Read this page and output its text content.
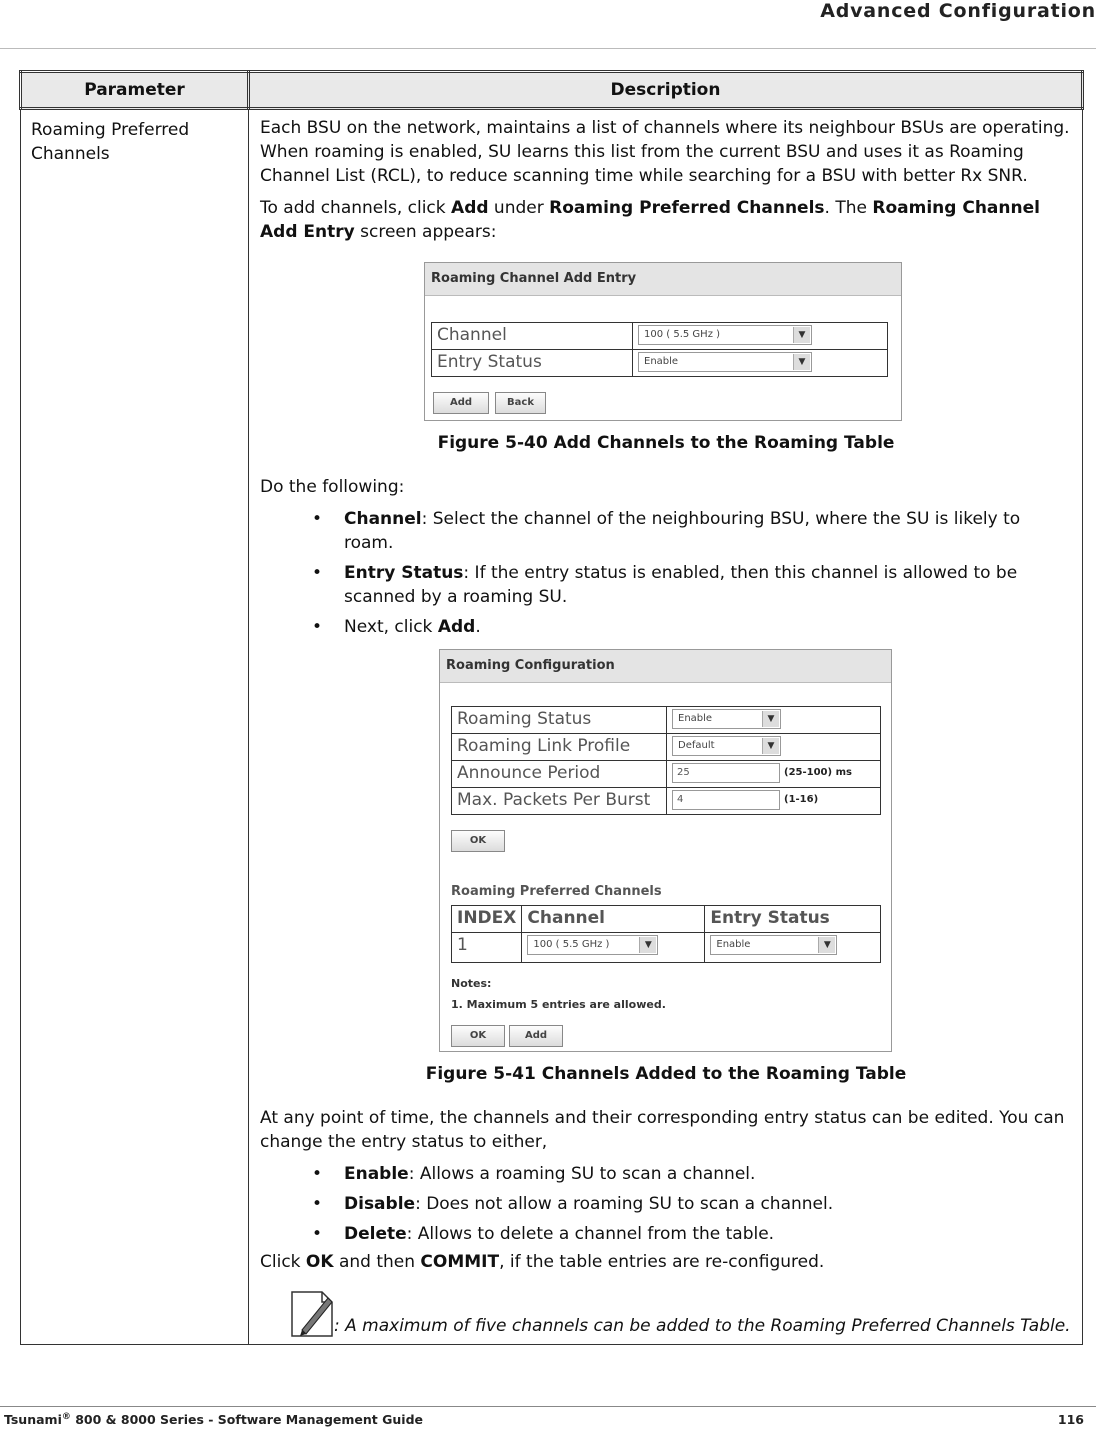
Advanced Configuration
Parameter	Description
Roaming Preferred Channels	

Each BSU on the network, maintains a list of channels where its neighbour BSUs are operating. When roaming is enabled, SU learns this list from the current BSU and uses it as Roaming Channel List (RCL), to reduce scanning time while searching for a BSU with better Rx SNR.

To add channels, click Add under Roaming Preferred Channels. The Roaming Channel Add Entry screen appears:

Roaming Channel Add Entry
Channel	100 ( 5.5 GHz )	▼

Entry Status	Enable	▼
Add	Back
Figure 5-40 Add Channels to the Roaming Table

Do the following:

• Channel: Select the channel of the neighbouring BSU, where the SU is likely to roam.
• Entry Status: If the entry status is enabled, then this channel is allowed to be scanned by a roaming SU.
• Next, click Add.
Roaming Configuration
Roaming Status	Enable	▼

Roaming Link Profile	Default	▼

Announce Period	25	(25-100) ms
Max. Packets Per Burst	4	(1-16)
OK
Roaming Preferred Channels
INDEX	Channel	Entry Status
1	100 ( 5.5 GHz )	▼	Enable	▼
Notes:
1. Maximum 5 entries are allowed.
OK	Add
Figure 5-41 Channels Added to the Roaming Table

At any point of time, the channels and their corresponding entry status can be edited. You can change the entry status to either,

• Enable: Allows a roaming SU to scan a channel.
• Disable: Does not allow a roaming SU to scan a channel.
• Delete: Allows to delete a channel from the table.

Click OK and then COMMIT, if the table entries are re-configured.

: A maximum of five channels can be added to the Roaming Preferred Channels Table.
Tsunami® 800 & 8000 Series - Software Management Guide	116
